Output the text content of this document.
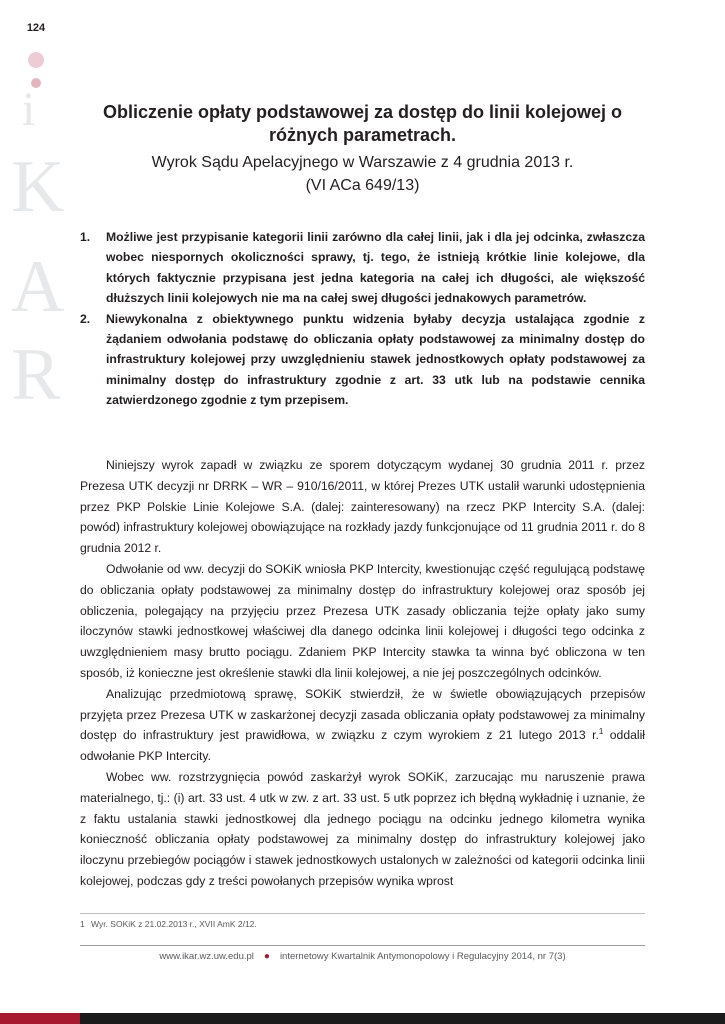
124
i
K
A
R
Obliczenie opłaty podstawowej za dostęp do linii kolejowej o różnych parametrach.
Wyrok Sądu Apelacyjnego w Warszawie z 4 grudnia 2013 r.
(VI ACa 649/13)
1.	Możliwe jest przypisanie kategorii linii zarówno dla całej linii, jak i dla jej odcinka, zwłaszcza wobec niespornych okoliczności sprawy, tj. tego, że istnieją krótkie linie kolejowe, dla których faktycznie przypisana jest jedna kategoria na całej ich długości, ale większość dłuższych linii kolejowych nie ma na całej swej długości jednakowych parametrów.
2.	Niewykonalna z obiektywnego punktu widzenia byłaby decyzja ustalająca zgodnie z żądaniem odwołania podstawę do obliczania opłaty podstawowej za minimalny dostęp do infrastruktury kolejowej przy uwzględnieniu stawek jednostkowych opłaty podstawowej za minimalny dostęp do infrastruktury zgodnie z art. 33 utk lub na podstawie cennika zatwierdzonego zgodnie z tym przepisem.

Niniejszy wyrok zapadł w związku ze sporem dotyczącym wydanej 30 grudnia 2011 r. przez Prezesa UTK decyzji nr DRRK – WR – 910/16/2011, w której Prezes UTK ustalił warunki udostępnienia przez PKP Polskie Linie Kolejowe S.A. (dalej: zainteresowany) na rzecz PKP Intercity S.A. (dalej: powód) infrastruktury kolejowej obowiązujące na rozkłady jazdy funkcjonujące od 11 grudnia 2011 r. do 8 grudnia 2012 r.

Odwołanie od ww. decyzji do SOKiK wniosła PKP Intercity, kwestionując część regulującą podstawę do obliczania opłaty podstawowej za minimalny dostęp do infrastruktury kolejowej oraz sposób jej obliczenia, polegający na przyjęciu przez Prezesa UTK zasady obliczania tejże opłaty jako sumy iloczynów stawki jednostkowej właściwej dla danego odcinka linii kolejowej i długości tego odcinka z uwzględnieniem masy brutto pociągu. Zdaniem PKP Intercity stawka ta winna być obliczona w ten sposób, iż konieczne jest określenie stawki dla linii kolejowej, a nie jej poszczególnych odcinków.

Analizując przedmiotową sprawę, SOKiK stwierdził, że w świetle obowiązujących przepisów przyjęta przez Prezesa UTK w zaskarżonej decyzji zasada obliczania opłaty podstawowej za minimalny dostęp do infrastruktury jest prawidłowa, w związku z czym wyrokiem z 21 lutego 2013 r.$^1$ oddalił odwołanie PKP Intercity.

Wobec ww. rozstrzygnięcia powód zaskarżył wyrok SOKiK, zarzucając mu naruszenie prawa materialnego, tj.: (i) art. 33 ust. 4 utk w zw. z art. 33 ust. 5 utk poprzez ich błędną wykładnię i uznanie, że z faktu ustalania stawki jednostkowej dla jednego pociągu na odcinku jednego kilometra wynika konieczność obliczania opłaty podstawowej za minimalny dostęp do infrastruktury kolejowej jako iloczynu przebiegów pociągów i stawek jednostkowych ustalonych w zależności od kategorii odcinka linii kolejowej, podczas gdy z treści powołanych przepisów wynika wprost

1 Wyr. SOKiK z 21.02.2013 r., XVII AmK 2/12.
www.ikar.wz.uw.edu.pl ● internetowy Kwartalnik Antymonopolowy i Regulacyjny 2014, nr 7(3)
